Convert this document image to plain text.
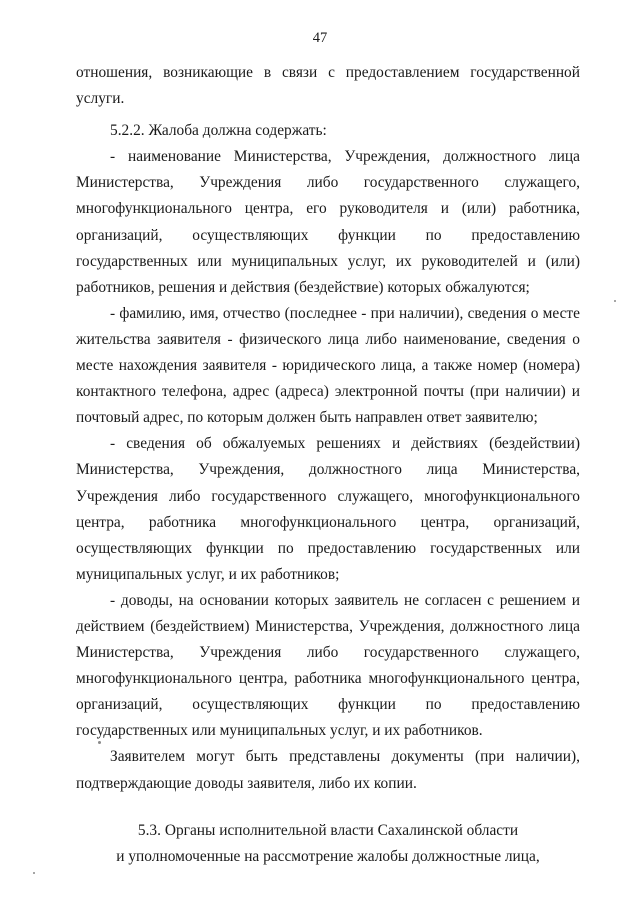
47

отношения, возникающие в связи с предоставлением государственной услуги.

5.2.2. Жалоба должна содержать:

- наименование Министерства, Учреждения, должностного лица Министерства, Учреждения либо государственного служащего, многофункционального центра, его руководителя и (или) работника, организаций, осуществляющих функции по предоставлению государственных или муниципальных услуг, их руководителей и (или) работников, решения и действия (бездействие) которых обжалуются;

- фамилию, имя, отчество (последнее - при наличии), сведения о месте жительства заявителя - физического лица либо наименование, сведения о месте нахождения заявителя - юридического лица, а также номер (номера) контактного телефона, адрес (адреса) электронной почты (при наличии) и почтовый адрес, по которым должен быть направлен ответ заявителю;

- сведения об обжалуемых решениях и действиях (бездействии) Министерства, Учреждения, должностного лица Министерства, Учреждения либо государственного служащего, многофункционального центра, работника многофункционального центра, организаций, осуществляющих функции по предоставлению государственных или муниципальных услуг, и их работников;

- доводы, на основании которых заявитель не согласен с решением и действием (бездействием) Министерства, Учреждения, должностного лица Министерства, Учреждения либо государственного служащего, многофункционального центра, работника многофункционального центра, организаций, осуществляющих функции по предоставлению государственных или муниципальных услуг, и их работников.

Заявителем могут быть представлены документы (при наличии), подтверждающие доводы заявителя, либо их копии.

5.3. Органы исполнительной власти Сахалинской области
и уполномоченные на рассмотрение жалобы должностные лица,
